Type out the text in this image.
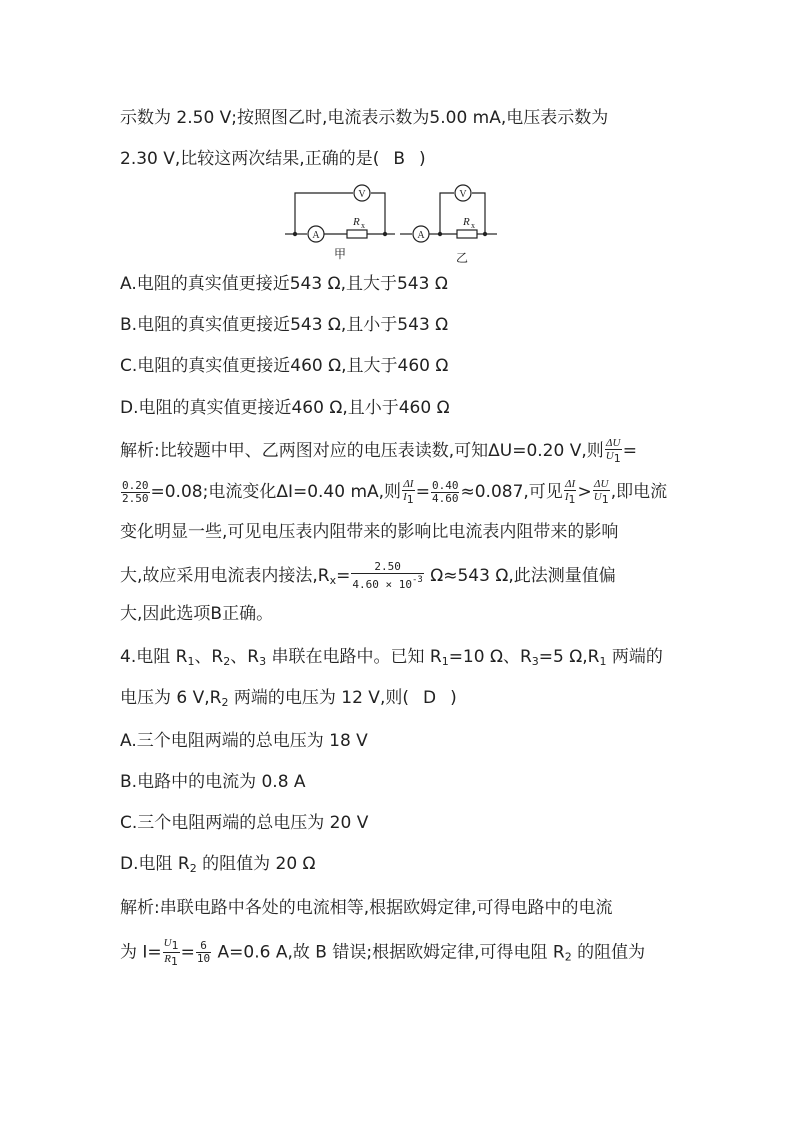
示数为 2.50 V;按照图乙时,电流表示数为5.00 mA,电压表示数为
2.30 V,比较这两次结果,正确的是( B )
V
A
V
A
R x	R x
甲	乙
A.电阻的真实值更接近543 Ω,且大于543 Ω
B.电阻的真实值更接近543 Ω,且小于543 Ω
C.电阻的真实值更接近460 Ω,且大于460 Ω
D.电阻的真实值更接近460 Ω,且小于460 Ω
解析:比较题中甲、乙两图对应的电压表读数,可知ΔU=0.20 V,则 $\frac{\Delta U}{U_1}$ =
$\frac{0.20}{2.50} =0.08$;电流变化ΔI=0.40 mA,则 $\frac{\Delta I}{I_1} = \frac{0.40}{4.60} \approx 0.087$,可见 $\frac{\Delta I}{I_1} > \frac{\Delta U}{U_1}$ ,即电流
变化明显一些,可见电压表内阻带来的影响比电流表内阻带来的影响
大,故应采用电流表内接法$,R_x= \frac{2.50}{4.60 \times 10^{-3}} \Omega\approx 543$ Ω,此法测量值偏
大,因此选项B正确。
4.电阻 $R_1$、$R_2$、$R_3$ 串联在电路中。已知 $R_1=10$ Ω、$R_3=5$ $\Omega,R_1$ 两端的
电压为 6 $V,R_2$ 两端的电压为 12 V,则( D )
A.三个电阻两端的总电压为 18 V
B.电路中的电流为 0.8 A
C.三个电阻两端的总电压为 20 V
D.电阻 $R_2$ 的阻值为 20 Ω
解析:串联电路中各处的电流相等,根据欧姆定律,可得电路中的电流
为 $I= \frac{U_1}{R_1} = \frac{6}{10} A=0.6$ A,故 B 错误;根据欧姆定律,可得电阻 $R_2$ 的阻值为
